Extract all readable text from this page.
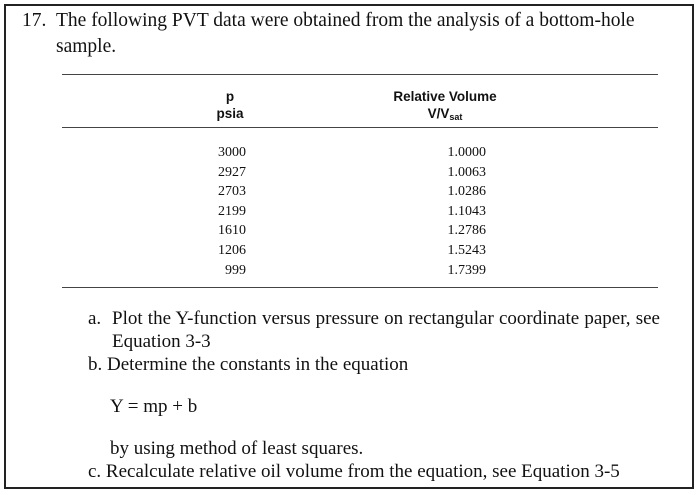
17. The following PVT data were obtained from the analysis of a bottom-hole sample.

p
psia
Relative Volume
$V/V_{sat}$
3000
2927
2703
2199
1610
1206
999
1.0000
1.0063
1.0286
1.1043
1.2786
1.5243
1.7399
a. Plot the Y-function versus pressure on rectangular coordinate paper, see Equation 3-3
b. Determine the constants in the equation
Y = mp + b
by using method of least squares.
c. Recalculate relative oil volume from the equation, see Equation 3-5
